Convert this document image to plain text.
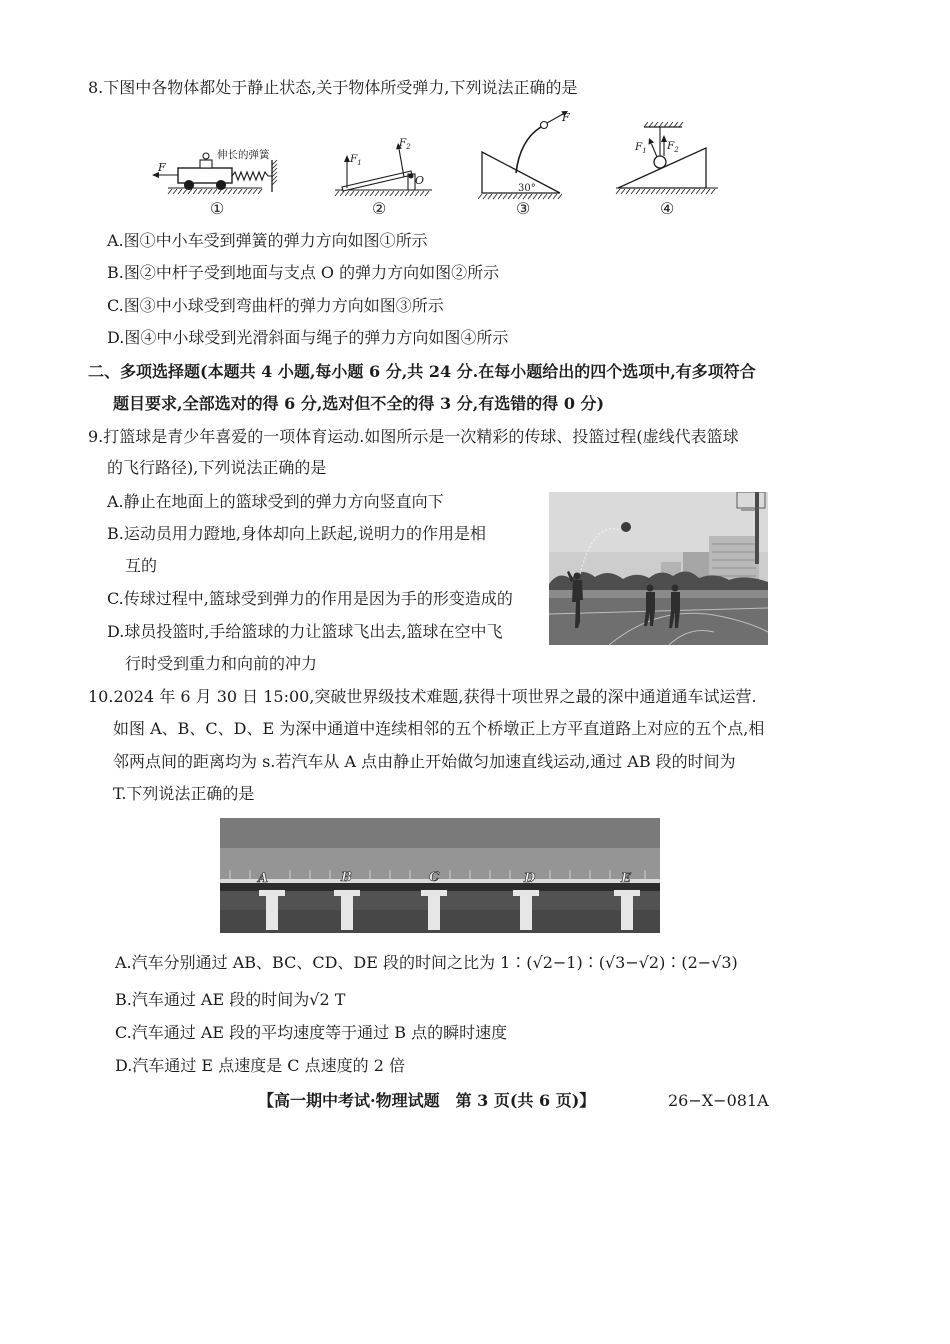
8.下图中各物体都处于静止状态,关于物体所受弹力,下列说法正确的是
F
伸长的弹簧	$F_1$
$F_2$
O
F
30°
$F_2$
$F_1$
①	②	③	④
A.图①中小车受到弹簧的弹力方向如图①所示
B.图②中杆子受到地面与支点 O 的弹力方向如图②所示
C.图③中小球受到弯曲杆的弹力方向如图③所示
D.图④中小球受到光滑斜面与绳子的弹力方向如图④所示
二、多项选择题(本题共 4 小题,每小题 6 分,共 24 分.在每小题给出的四个选项中,有多项符合
题目要求,全部选对的得 6 分,选对但不全的得 3 分,有选错的得 0 分)
9.打篮球是青少年喜爱的一项体育运动.如图所示是一次精彩的传球、投篮过程(虚线代表篮球
的飞行路径),下列说法正确的是
A.静止在地面上的篮球受到的弹力方向竖直向下
B.运动员用力蹬地,身体却向上跃起,说明力的作用是相
互的
C.传球过程中,篮球受到弹力的作用是因为手的形变造成的
D.球员投篮时,手给篮球的力让篮球飞出去,篮球在空中飞
行时受到重力和向前的冲力
10.2024 年 6 月 30 日 15:00,突破世界级技术难题,获得十项世界之最的深中通道通车试运营.
如图 A、B、C、D、E 为深中通道中连续相邻的五个桥墩正上方平直道路上对应的五个点,相
邻两点间的距离均为 s.若汽车从 A 点由静止开始做匀加速直线运动,通过 AB 段的时间为
T.下列说法正确的是
A	B	C	D	E
A.汽车分别通过 AB、BC、CD、DE 段的时间之比为 1∶(√2−1)∶(√3−√2)∶(2−√3)
B.汽车通过 AE 段的时间为√2 T
C.汽车通过 AE 段的平均速度等于通过 B 点的瞬时速度
D.汽车通过 E 点速度是 C 点速度的 2 倍
【高一期中考试·物理试题　第 3 页(共 6 页)】	26−X−081A
